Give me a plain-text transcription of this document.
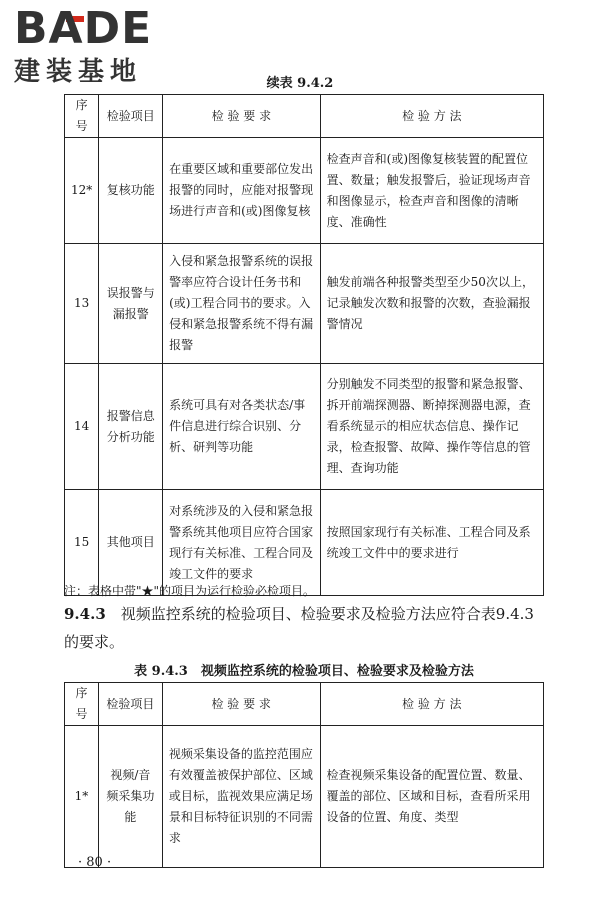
BADE
建装基地	续表 9.4.2
序号	检验项目	检 验 要 求	检 验 方 法
12*	复核功能	在重要区域和重要部位发出报警的同时，应能对报警现场进行声音和(或)图像复核	检查声音和(或)图像复核装置的配置位置、数量；触发报警后，验证现场声音和图像显示，检查声音和图像的清晰度、准确性
13	误报警与漏报警	入侵和紧急报警系统的误报警率应符合设计任务书和(或)工程合同书的要求。入侵和紧急报警系统不得有漏报警	触发前端各种报警类型至少50次以上，记录触发次数和报警的次数，查验漏报警情况
14	报警信息分析功能	系统可具有对各类状态/事件信息进行综合识别、分析、研判等功能	分别触发不同类型的报警和紧急报警、拆开前端探测器、断掉探测器电源，查看系统显示的相应状态信息、操作记录，检查报警、故障、操作等信息的管理、查询功能
15	其他项目	对系统涉及的入侵和紧急报警系统其他项目应符合国家现行有关标准、工程合同及竣工文件的要求	按照国家现行有关标准、工程合同及系统竣工文件中的要求进行
注：表格中带"★"的项目为运行检验必检项目。
9.4.3　 视频监控系统的检验项目、检验要求及检验方法应符合表9.4.3的要求。
表 9.4.3　视频监控系统的检验项目、检验要求及检验方法
序号	检验项目	检 验 要 求	检 验 方 法
1*	视频/音频采集功能	视频采集设备的监控范围应有效覆盖被保护部位、区域或目标，监视效果应满足场景和目标特征识别的不同需求	检查视频采集设备的配置位置、数量、覆盖的部位、区域和目标，查看所采用设备的位置、角度、类型
· 80 ·
